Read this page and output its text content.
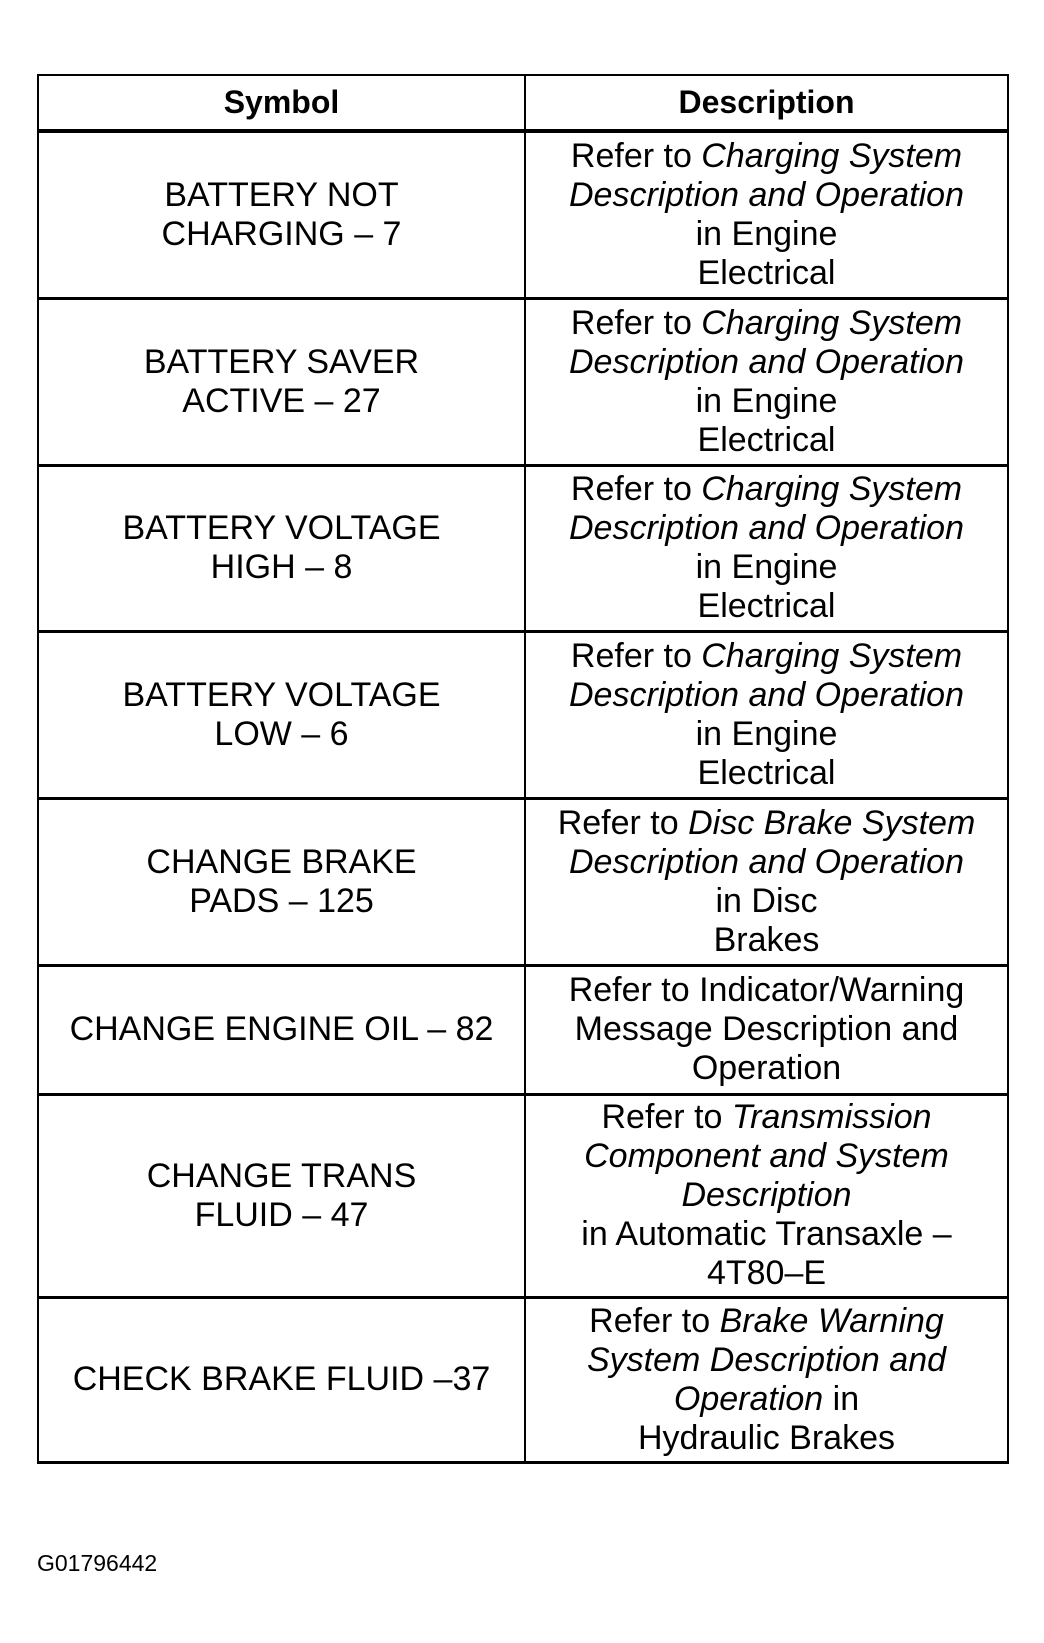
Symbol	Description

BATTERY NOT
CHARGING – 7	Refer to Charging System
Description and Operation
in Engine
Electrical

BATTERY SAVER
ACTIVE – 27	Refer to Charging System
Description and Operation
in Engine
Electrical

BATTERY VOLTAGE
HIGH – 8	Refer to Charging System
Description and Operation
in Engine
Electrical

BATTERY VOLTAGE
LOW – 6	Refer to Charging System
Description and Operation
in Engine
Electrical

CHANGE BRAKE
PADS – 125	Refer to Disc Brake System
Description and Operation
in Disc
Brakes

CHANGE ENGINE OIL – 82	Refer to Indicator/Warning
Message Description and
Operation

CHANGE TRANS
FLUID – 47	Refer to Transmission
Component and System
Description
in Automatic Transaxle –
4T80–E

CHECK BRAKE FLUID –37	Refer to Brake Warning
System Description and
Operation in
Hydraulic Brakes
G01796442
